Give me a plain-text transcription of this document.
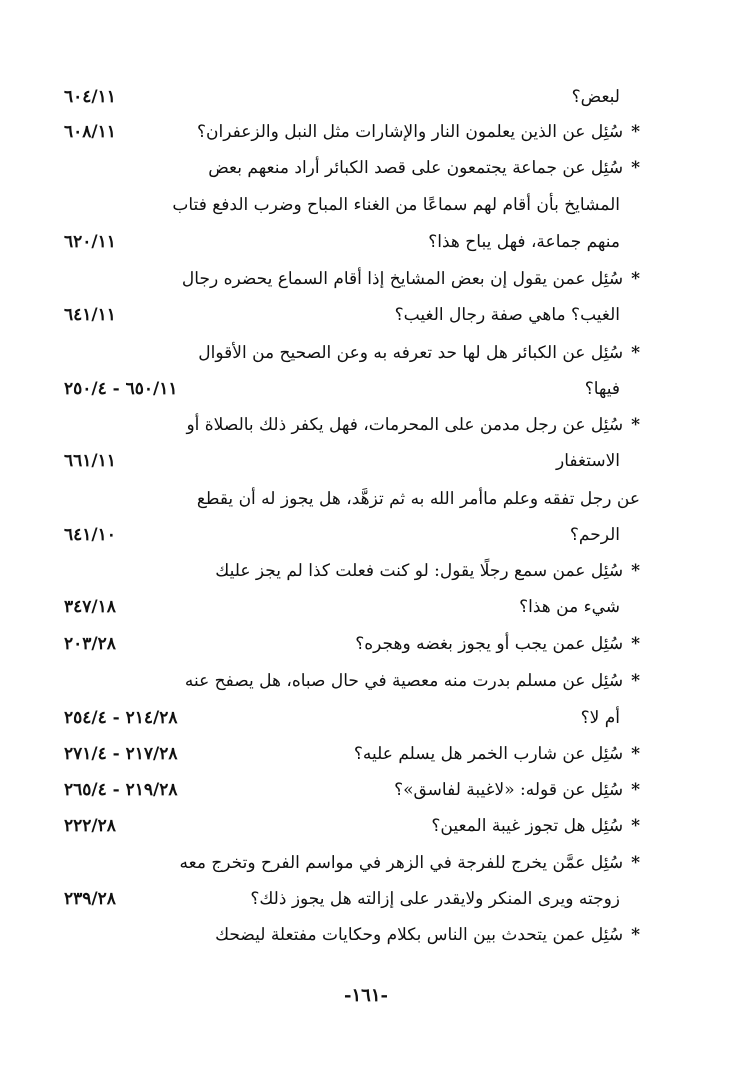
لبعض؟
٦٠٤/١١
*سُئِل عن الذين يعلمون النار والإشارات مثل النبل والزعفران؟
٦٠٨/١١
*سُئِل عن جماعة يجتمعون على قصد الكبائر أراد منعهم بعض
المشايخ بأن أقام لهم سماعًا من الغناء المباح وضرب الدفع فتاب
منهم جماعة، فهل يباح هذا؟
٦٢٠/١١
*سُئِل عمن يقول إن بعض المشايخ إذا أقام السماع يحضره رجال
الغيب؟ ماهي صفة رجال الغيب؟
٦٤١/١١
*سُئِل عن الكبائر هل لها حد تعرفه به وعن الصحيح من الأقوال
فيها؟
٦٥٠/١١ - ٢٥٠/٤
*سُئِل عن رجل مدمن على المحرمات، فهل يكفر ذلك بالصلاة أو
الاستغفار
٦٦١/١١
عن رجل تفقه وعلم ماأمر الله به ثم تزهَّد، هل يجوز له أن يقطع
الرحم؟
٦٤١/١٠
*سُئِل عمن سمع رجلًا يقول: لو كنت فعلت كذا لم يجز عليك
شيء من هذا؟
٣٤٧/١٨
*سُئِل عمن يجب أو يجوز بغضه وهجره؟
٢٠٣/٢٨
*سُئِل عن مسلم بدرت منه معصية في حال صباه، هل يصفح عنه
أم لا؟
٢١٤/٢٨ - ٢٥٤/٤
*سُئِل عن شارب الخمر هل يسلم عليه؟
٢١٧/٢٨ - ٢٧١/٤
*سُئِل عن قوله: «لاغيبة لفاسق»؟
٢١٩/٢٨ - ٢٦٥/٤
*سُئِل هل تجوز غيبة المعين؟
٢٢٢/٢٨
*سُئِل عمَّن يخرج للفرجة في الزهر في مواسم الفرح وتخرج معه
زوجته ويرى المنكر ولايقدر على إزالته هل يجوز ذلك؟
٢٣٩/٢٨
*سُئِل عمن يتحدث بين الناس بكلام وحكايات مفتعلة ليضحك
-١٦١-
